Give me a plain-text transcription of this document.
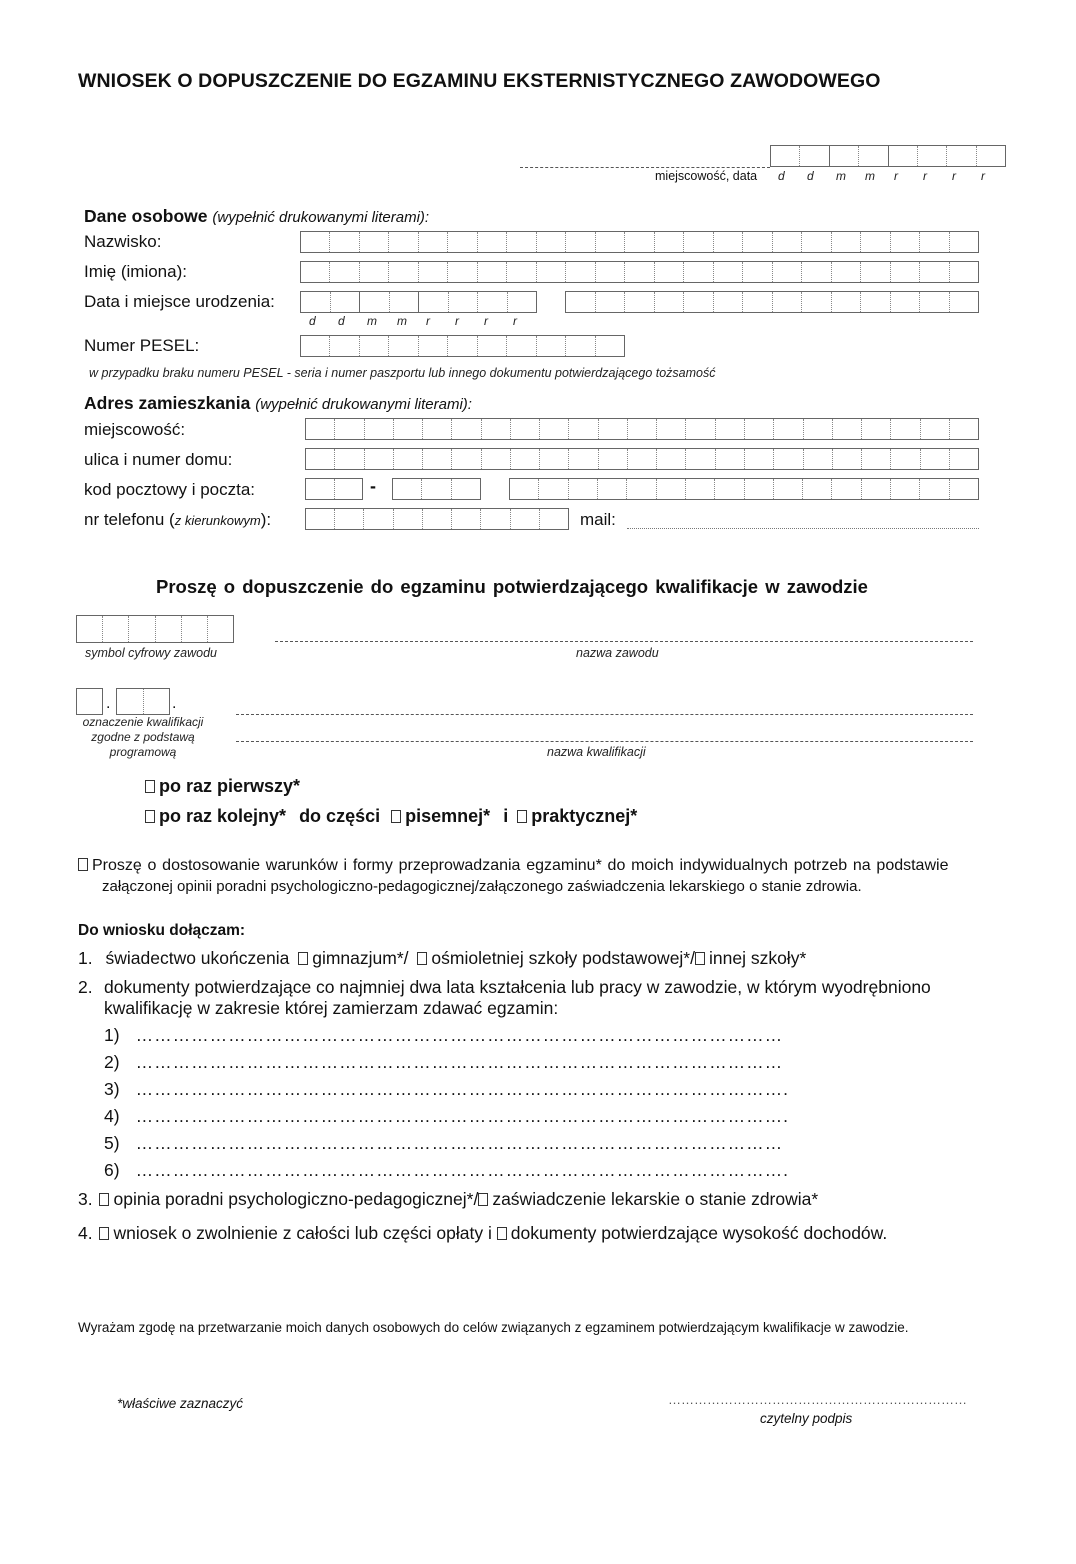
WNIOSEK O DOPUSZCZENIE DO EGZAMINU EKSTERNISTYCZNEGO ZAWODOWEGO
miejscowość, data d d m m r r r r
Dane osobowe (wypełnić drukowanymi literami):
Nazwisko:
Imię (imiona):
Data i miejsce urodzenia:
d d m m r r r r
Numer PESEL:
w przypadku braku numeru PESEL - seria i numer paszportu lub innego dokumentu potwierdzającego tożsamość
Adres zamieszkania (wypełnić drukowanymi literami):
miejscowość:
ulica i numer domu:
kod pocztowy i poczta:	-
nr telefonu (z kierunkowym):	mail:
Proszę o dopuszczenie do egzaminu potwierdzającego kwalifikacje w zawodzie
symbol cyfrowy zawodu	nazwa zawodu
.	.
oznaczenie kwalifikacji
zgodne z podstawą
programową	nazwa kwalifikacji
po raz pierwszy*
po raz kolejny* do części pisemnej* i praktycznej*
Proszę o dostosowanie warunków i formy przeprowadzania egzaminu* do moich indywidualnych potrzeb na podstawie
załączonej opinii poradni psychologiczno-pedagogicznej/załączonego zaświadczenia lekarskiego o stanie zdrowia.
Do wniosku dołączam:
1. świadectwo ukończenia gimnazjum*/ ośmioletniej szkoły podstawowej*/ innej szkoły*
2. dokumenty potwierdzające co najmniej dwa lata kształcenia lub pracy w zawodzie, w którym wyodrębniono
kwalifikację w zakresie której zamierzam zdawać egzamin:
1) ……………………………………………………………………………………………
2) ……………………………………………………………………………………………
3) …………………………………………………………………………………………….
4) …………………………………………………………………………………………….
5) ……………………………………………………………………………………………
6) …………………………………………………………………………………………….
3. opinia poradni psychologiczno-pedagogicznej*/ zaświadczenie lekarskie o stanie zdrowia*
4. wniosek o zwolnienie z całości lub części opłaty i dokumenty potwierdzające wysokość dochodów.
Wyrażam zgodę na przetwarzanie moich danych osobowych do celów związanych z egzaminem potwierdzającym kwalifikacje w zawodzie.
*właściwe zaznaczyć	……………………………………………………………
czytelny podpis
